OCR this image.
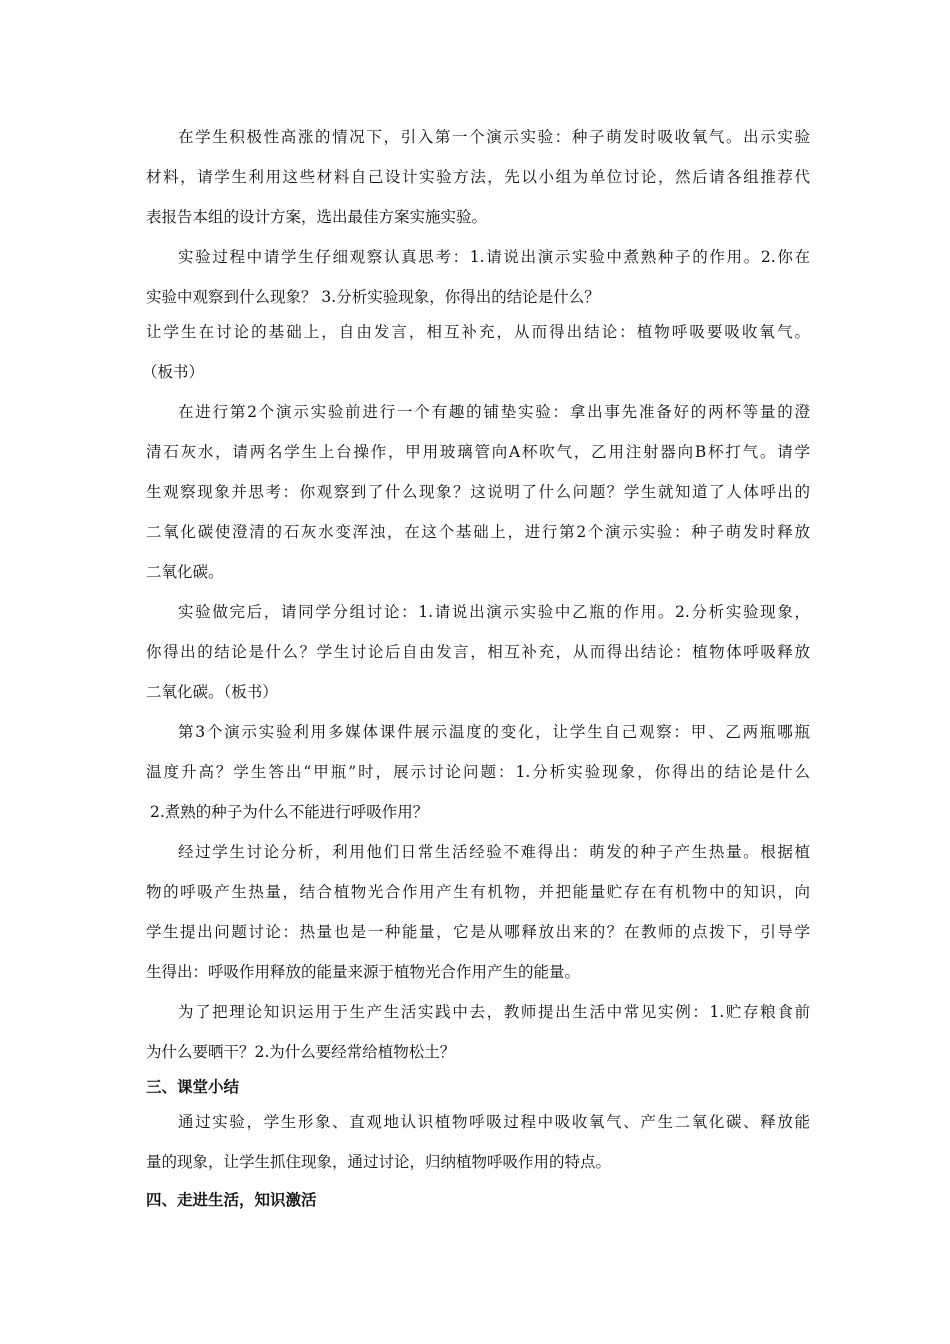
在学生积极性高涨的情况下，引入第一个演示实验：种子萌发时吸收氧气。出示实验
材料，请学生利用这些材料自己设计实验方法，先以小组为单位讨论，然后请各组推荐代
表报告本组的设计方案，选出最佳方案实施实验。
实验过程中请学生仔细观察认真思考：1.请说出演示实验中煮熟种子的作用。2.你在
实验中观察到什么现象？ 3.分析实验现象，你得出的结论是什么？
让学生在讨论的基础上，自由发言，相互补充，从而得出结论：植物呼吸要吸收氧气。
（板书）
在进行第2个演示实验前进行一个有趣的铺垫实验：拿出事先准备好的两杯等量的澄
清石灰水，请两名学生上台操作，甲用玻璃管向A杯吹气，乙用注射器向B杯打气。请学
生观察现象并思考：你观察到了什么现象？这说明了什么问题？学生就知道了人体呼出的
二氧化碳使澄清的石灰水变浑浊，在这个基础上，进行第2个演示实验：种子萌发时释放
二氧化碳。
实验做完后，请同学分组讨论：1.请说出演示实验中乙瓶的作用。2.分析实验现象，
你得出的结论是什么？学生讨论后自由发言，相互补充，从而得出结论：植物体呼吸释放
二氧化碳。（板书）
第3个演示实验利用多媒体课件展示温度的变化，让学生自己观察：甲、乙两瓶哪瓶
温度升高？学生答出“甲瓶”时，展示讨论问题：1.分析实验现象，你得出的结论是什么
2.煮熟的种子为什么不能进行呼吸作用？
经过学生讨论分析，利用他们日常生活经验不难得出：萌发的种子产生热量。根据植
物的呼吸产生热量，结合植物光合作用产生有机物，并把能量贮存在有机物中的知识，向
学生提出问题讨论：热量也是一种能量，它是从哪释放出来的？在教师的点拨下，引导学
生得出：呼吸作用释放的能量来源于植物光合作用产生的能量。
为了把理论知识运用于生产生活实践中去，教师提出生活中常见实例：1.贮存粮食前
为什么要晒干？2.为什么要经常给植物松土？
三、课堂小结
通过实验，学生形象、直观地认识植物呼吸过程中吸收氧气、产生二氧化碳、释放能
量的现象，让学生抓住现象，通过讨论，归纳植物呼吸作用的特点。
四、走进生活，知识激活
